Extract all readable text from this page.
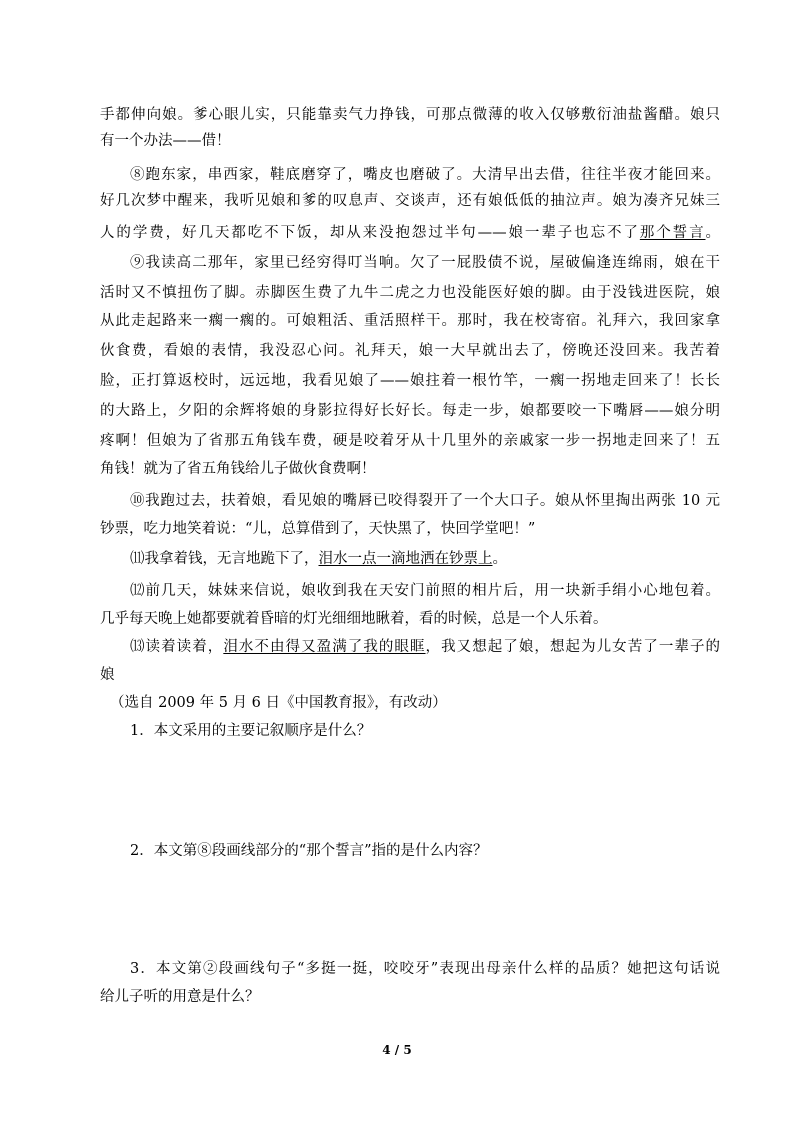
手都伸向娘。爹心眼儿实，只能靠卖气力挣钱，可那点微薄的收入仅够敷衍油盐酱醋。娘只
有一个办法——借！
⑧跑东家，串西家，鞋底磨穿了，嘴皮也磨破了。大清早出去借，往往半夜才能回来。
好几次梦中醒来，我听见娘和爹的叹息声、交谈声，还有娘低低的抽泣声。娘为凑齐兄妹三
人的学费，好几天都吃不下饭，却从来没抱怨过半句——娘一辈子也忘不了那个誓言。
⑨我读高二那年，家里已经穷得叮当响。欠了一屁股债不说，屋破偏逢连绵雨，娘在干
活时又不慎扭伤了脚。赤脚医生费了九牛二虎之力也没能医好娘的脚。由于没钱进医院，娘
从此走起路来一瘸一瘸的。可娘粗活、重活照样干。那时，我在校寄宿。礼拜六，我回家拿
伙食费，看娘的表情，我没忍心问。礼拜天，娘一大早就出去了，傍晚还没回来。我苦着
脸，正打算返校时，远远地，我看见娘了——娘拄着一根竹竿，一瘸一拐地走回来了！长长
的大路上，夕阳的余辉将娘的身影拉得好长好长。每走一步，娘都要咬一下嘴唇——娘分明
疼啊！但娘为了省那五角钱车费，硬是咬着牙从十几里外的亲戚家一步一拐地走回来了！五
角钱！就为了省五角钱给儿子做伙食费啊！
⑩我跑过去，扶着娘，看见娘的嘴唇已咬得裂开了一个大口子。娘从怀里掏出两张 10 元
钞票，吃力地笑着说：“儿，总算借到了，天快黑了，快回学堂吧！”
⑾我拿着钱，无言地跪下了，泪水一点一滴地洒在钞票上。
⑿前几天，妹妹来信说，娘收到我在天安门前照的相片后，用一块新手绢小心地包着。
几乎每天晚上她都要就着昏暗的灯光细细地瞅着，看的时候，总是一个人乐着。
⒀读着读着，泪水不由得又盈满了我的眼眶，我又想起了娘，想起为儿女苦了一辈子的
娘
（选自 2009 年 5 月 6 日《中国教育报》，有改动）
1．本文采用的主要记叙顺序是什么？
2．本文第⑧段画线部分的“那个誓言”指的是什么内容？
3．本文第②段画线句子“多挺一挺，咬咬牙”表现出母亲什么样的品质？她把这句话说
给儿子听的用意是什么？
4 / 5
